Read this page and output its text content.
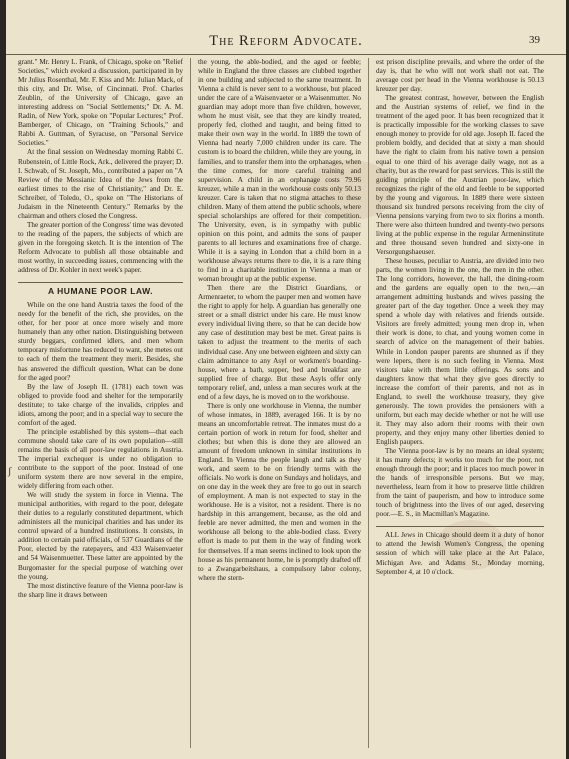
The Reform Advocate.	39
ʃ

grant." Mr. Henry L. Frank, of Chicago, spoke on "Relief Societies," which evoked a discussion, participated in by Mr Julius Rosenthal, Mr. F. Kiss and Mr. Julian Mack, of this city, and Dr. Wise, of Cincinnati. Prof. Charles Zeublin, of the University of Chicago, gave an interesting address on "Social Settlements;" Dr. A. M. Radin, of New York, spoke on "Popular Lectures;" Prof. Bamberger, of Chicago, on "Training Schools," and Rabbi A. Guttman, of Syracuse, on "Personal Service Societies."

At the final session on Wednesday morning Rabbi C. Rubenstein, of Little Rock, Ark., delivered the prayer; D. I. Schwab, of St. Joseph, Mo., contributed a paper on "A Review of the Messianic Idea of the Jews from the earliest times to the rise of Christianity," and Dr. E. Schreiber, of Toledo, O., spoke on "The Historians of Judaism in the Nineteenth Century." Remarks by the chairman and others closed the Congress.

The greater portion of the Congress' time was devoted to the reading of the papers, the subjects of which are given in the foregoing sketch. It is the intention of The Reform Advocate to publish all those obtainable and most worthy, in succeeding issues, commencing with the address of Dr. Kohler in next week's paper.

A HUMANE POOR LAW.

While on the one hand Austria taxes the food of the needy for the benefit of the rich, she provides, on the other, for her poor at once more wisely and more humanely than any other nation. Distinguishing between sturdy beggars, confirmed idlers, and men whom temporary misfortune has reduced to want, she metes out to each of them the treatment they merit. Besides, she has answered the difficult question, What can be done for the aged poor?

By the law of Joseph II. (1781) each town was obliged to provide food and shelter for the temporarily destitute; to take charge of the invalids, cripples and idiots, among the poor; and in a special way to secure the comfort of the aged.

The principle established by this system—that each commune should take care of its own population—still remains the basis of all poor-law regulations in Austria. The imperial exchequer is under no obligation to contribute to the support of the poor. Instead of one uniform system there are now several in the empire, widely differing from each other.

We will study the system in force in Vienna. The municipal authorities, with regard to the poor, delegate their duties to a regularly constituted department, which administers all the municipal charities and has under its control upward of a hundred institutions. It consists, in addition to certain paid officials, of 537 Guardians of the Poor, elected by the ratepayers, and 433 Waisenvaeter and 54 Waisenmuetter. These latter are appointed by the Burgomaster for the special purpose of watching over the young.

The most distinctive feature of the Vienna poor-law is the sharp line it draws between

the young, the able-bodied, and the aged or feeble; while in England the three classes are clubbed together in one building and subjected to the same treatment. In Vienna a child is never sent to a workhouse, but placed under the care of a Waisenvaeter or a Waisenmutter. No guardian may adopt more than five children, however, whom he must visit, see that they are kindly treated, properly fed, clothed and taught, and being fitted to make their own way in the world. In 1889 the town of Vienna had nearly 7,000 children under its care. The custom is to board the children, while they are young, in families, and to transfer them into the orphanages, when the time comes, for more careful training and supervision. A child in an orphanage costs 79.96 kreuzer, while a man in the workhouse costs only 50.13 kreuzer. Care is taken that no stigma attaches to these children. Many of them attend the public schools, where special scholarships are offered for their competition. The University, even, is in sympathy with public opinion on this point, and admits the sons of pauper parents to all lectures and examinations free of charge. While it is a saying in London that a child born in a workhouse always returns there to die, it is a rare thing to find in a charitable institution in Vienna a man or woman brought up at the public expense.

Then there are the District Guardians, or Armenraeter, to whom the pauper men and women have the right to apply for help. A guardian has generally one street or a small district under his care. He must know every individual living there, so that he can decide how any case of destitution may best be met. Great pains is taken to adjust the treatment to the merits of each individual case. Any one between eighteen and sixty can claim admittance to any Asyl or workmen's boarding-house, where a bath, supper, bed and breakfast are supplied free of charge. But these Asyls offer only temporary relief, and, unless a man secures work at the end of a few days, he is moved on to the workhouse.

There is only one workhouse in Vienna, the number of whose inmates, in 1889, averaged 166. It is by no means an uncomfortable retreat. The inmates must do a certain portion of work in return for food, shelter and clothes; but when this is done they are allowed an amount of freedom unknown in similar institutions in England. In Vienna the people laugh and talk as they work, and seem to be on friendly terms with the officials. No work is done on Sundays and holidays, and on one day in the week they are free to go out in search of employment. A man is not expected to stay in the workhouse. He is a visitor, not a resident. There is no hardship in this arrangement, because, as the old and feeble are never admitted, the men and women in the workhouse all belong to the able-bodied class. Every effort is made to put them in the way of finding work for themselves. If a man seems inclined to look upon the house as his permanent home, he is promptly drafted off to a Zwangarbeitshaus, a compulsory labor colony, where the stern-

est prison discipline prevails, and where the order of the day is, that he who will not work shall not eat. The average cost per head in the Vienna workhouse is 50.13 kreuzer per day.

The greatest contrast, however, between the English and the Austrian systems of relief, we find in the treatment of the aged poor. It has been recognized that it is practically impossible for the working classes to save enough money to provide for old age. Joseph II. faced the problem boldly, and decided that at sixty a man should have the right to claim from his native town a pension equal to one third of his average daily wage, not as a charity, but as the reward for past services. This is still the guiding principle of the Austrian poor-law, which recognizes the right of the old and feeble to be supported by the young and vigorous. In 1889 there were sixteen thousand six hundred persons receiving from the city of Vienna pensions varying from two to six florins a month. There were also thirteen hundred and twenty-two persons living at the public expense in the regular Armeninstitute and three thousand seven hundred and sixty-one in Versorgungshaeuser.

These houses, peculiar to Austria, are divided into two parts, the women living in the one, the men in the other. The long corridors, however, the hall, the dining-room and the gardens are equally open to the two,—an arrangement admitting husbands and wives passing the greater part of the day together. Once a week they may spend a whole day with relatives and friends outside. Visitors are freely admitted; young men drop in, when their work is done, to chat, and young women come in search of advice on the management of their babies. While in London pauper parents are shunned as if they were lepers, there is no such feeling in Vienna. Most visitors take with them little offerings. As sons and daughters know that what they give goes directly to increase the comfort of their parents, and not as in England, to swell the workhouse treasury, they give generously. The town provides the pensioners with a uniform, but each may decide whether or not he will use it. They may also adorn their rooms with their own property, and they enjoy many other liberties denied to English paupers.

The Vienna poor-law is by no means an ideal system; it has many defects; it works too much for the poor, not enough through the poor; and it places too much power in the hands of irresponsible persons. But we may, nevertheless, learn from it how to preserve little children from the taint of pauperism, and how to introduce some touch of brightness into the lives of our aged, deserving poor.—E. S., in Macmillan's Magazine.

ALL Jews in Chicago should deem it a duty of honor to attend the Jewish Women's Congress, the opening session of which will take place at the Art Palace, Michigan Ave. and Adams St., Monday morning, September 4, at 10 o'clock.
